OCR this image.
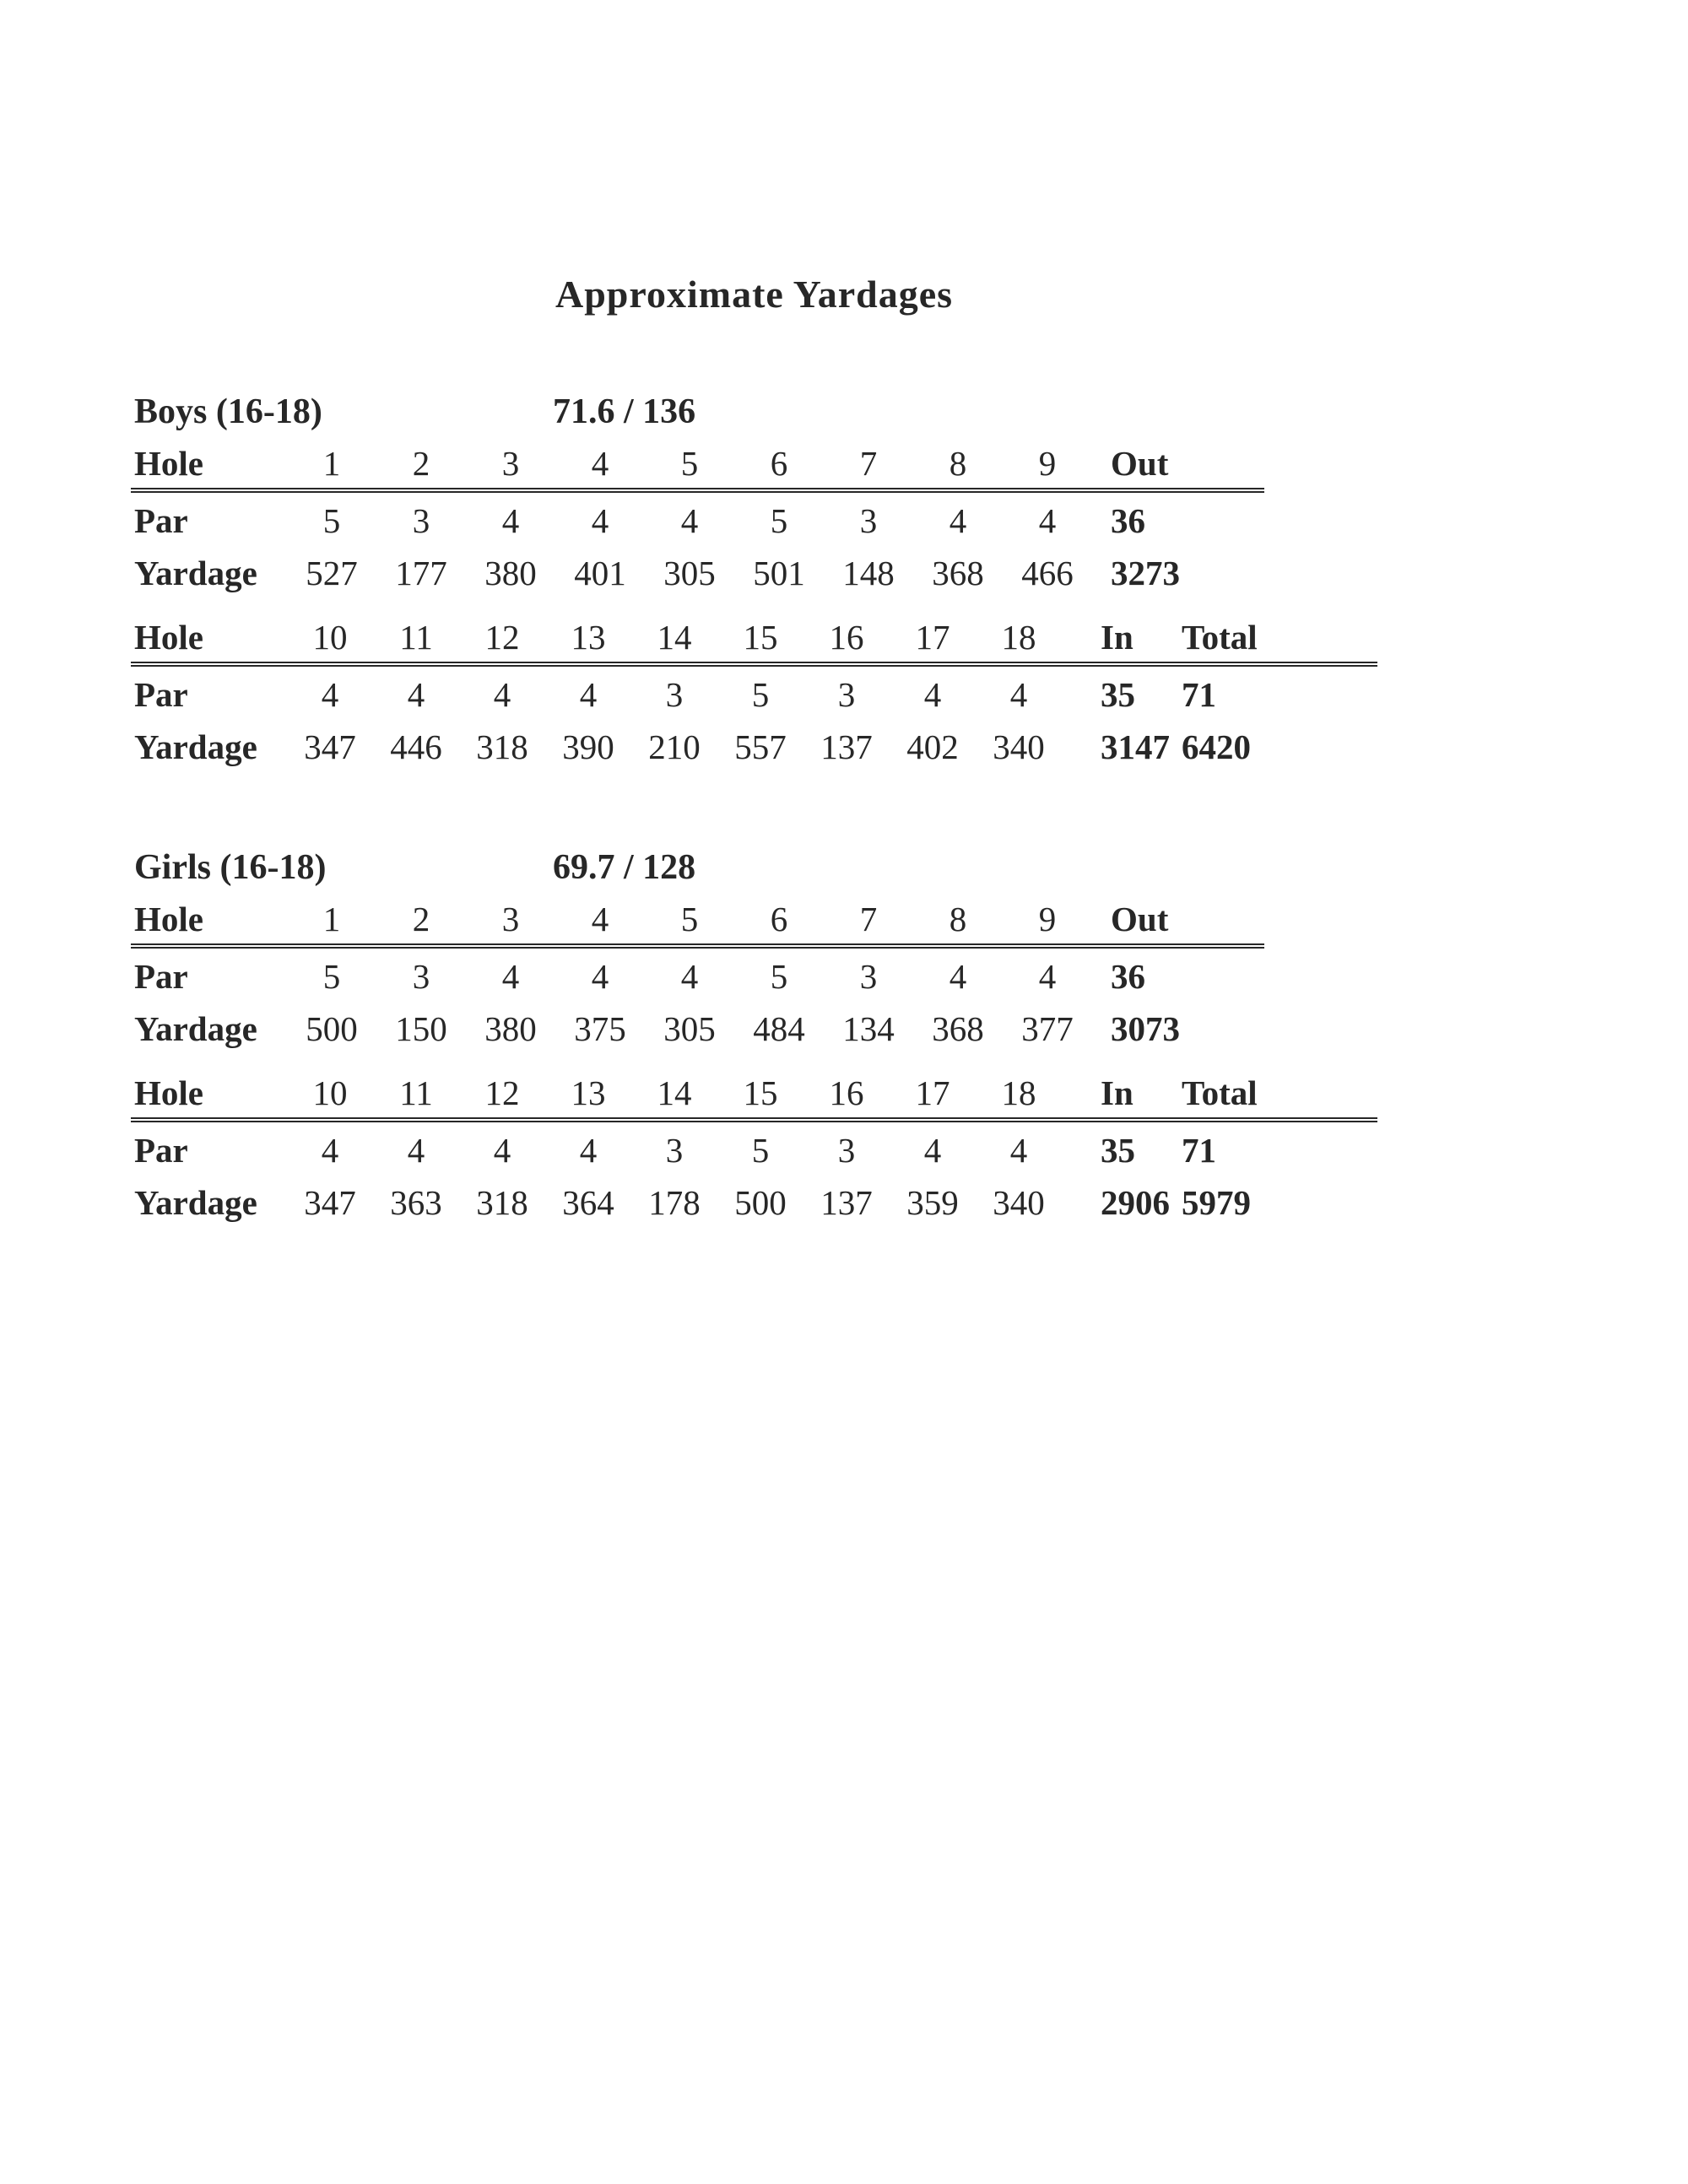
Approximate Yardages
Boys (16-18)	71.6 / 136
Hole	1	2	3	4	5	6	7	8	9	Out
Par	5	3	4	4	4	5	3	4	4	36
Yardage	527	177	380	401	305	501	148	368	466	3273
Hole	10	11	12	13	14	15	16	17	18	In	Total
Par	4	4	4	4	3	5	3	4	4	35	71
Yardage	347	446	318	390	210	557	137	402	340	3147	6420
Girls (16-18)	69.7 / 128
Hole	1	2	3	4	5	6	7	8	9	Out
Par	5	3	4	4	4	5	3	4	4	36
Yardage	500	150	380	375	305	484	134	368	377	3073
Hole	10	11	12	13	14	15	16	17	18	In	Total
Par	4	4	4	4	3	5	3	4	4	35	71
Yardage	347	363	318	364	178	500	137	359	340	2906	5979
